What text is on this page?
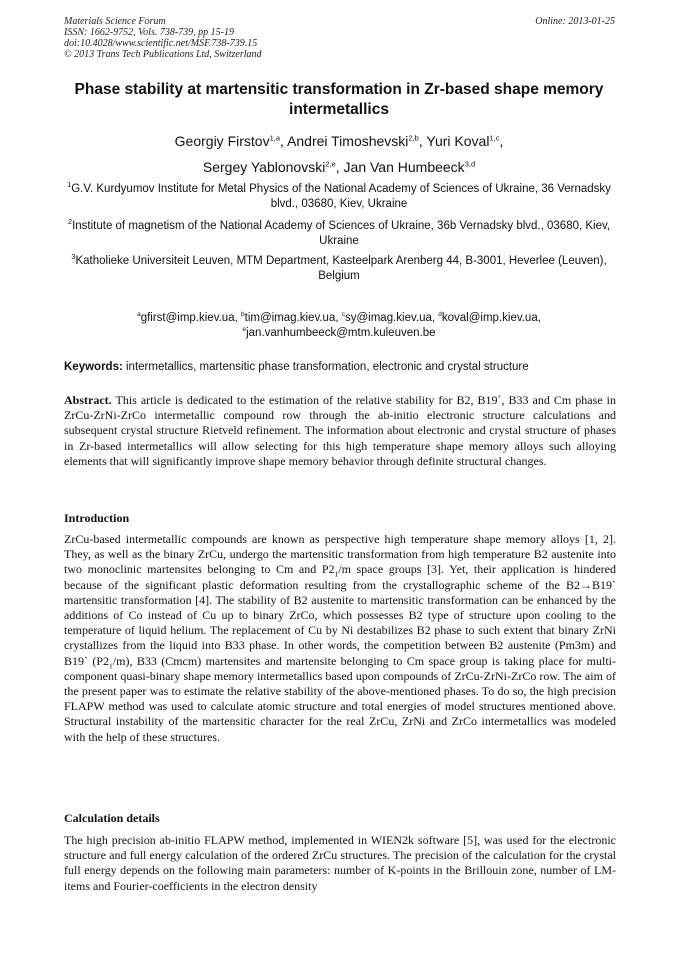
Materials Science Forum
ISSN: 1662-9752, Vols. 738-739, pp 15-19
doi:10.4028/www.scientific.net/MSF.738-739.15
© 2013 Trans Tech Publications Ltd, Switzerland
Online: 2013-01-25
Phase stability at martensitic transformation in Zr-based shape memory intermetallics
Georgiy Firstov$^{1,a}$, Andrei Timoshevski$^{2,b}$, Yuri Koval$^{1,c}$,
Sergey Yablonovski$^{2,e}$, Jan Van Humbeeck$^{3,d}$
$^1$G.V. Kurdyumov Institute for Metal Physics of the National Academy of Sciences of Ukraine, 36 Vernadsky blvd., 03680, Kiev, Ukraine
$^2$Institute of magnetism of the National Academy of Sciences of Ukraine, 36b Vernadsky blvd., 03680, Kiev, Ukraine
$^3$Katholieke Universiteit Leuven, MTM Department, Kasteelpark Arenberg 44, B-3001, Heverlee (Leuven), Belgium
$^a$gfirst@imp.kiev.ua, $^b$tim@imag.kiev.ua, $^c$sy@imag.kiev.ua, $^d$koval@imp.kiev.ua,
$^e$jan.vanhumbeeck@mtm.kuleuven.be
Keywords: intermetallics, martensitic phase transformation, electronic and crystal structure
Abstract. This article is dedicated to the estimation of the relative stability for B2, B19`, B33 and Cm phase in ZrCu-ZrNi-ZrCo intermetallic compound row through the ab-initio electronic structure calculations and subsequent crystal structure Rietveld refinement. The information about electronic and crystal structure of phases in Zr-based intermetallics will allow selecting for this high temperature shape memory alloys such alloying elements that will significantly improve shape memory behavior through definite structural changes.
Introduction
ZrCu-based intermetallic compounds are known as perspective high temperature shape memory alloys [1, 2]. They, as well as the binary ZrCu, undergo the martensitic transformation from high temperature B2 austenite into two monoclinic martensites belonging to Cm and $P2_1/m$ space groups [3]. Yet, their application is hindered because of the significant plastic deformation resulting from the crystallographic scheme of the B2→B19` martensitic transformation [4]. The stability of B2 austenite to martensitic transformation can be enhanced by the additions of Co instead of Cu up to binary ZrCo, which possesses B2 type of structure upon cooling to the temperature of liquid helium. The replacement of Cu by Ni destabilizes B2 phase to such extent that binary ZrNi crystallizes from the liquid into B33 phase. In other words, the competition between B2 austenite (Pm3m) and B19` $(P2_1/m)$, B33 (Cmcm) martensites and martensite belonging to Cm space group is taking place for multi-component quasi-binary shape memory intermetallics based upon compounds of ZrCu-ZrNi-ZrCo row. The aim of the present paper was to estimate the relative stability of the above-mentioned phases. To do so, the high precision FLAPW method was used to calculate atomic structure and total energies of model structures mentioned above. Structural instability of the martensitic character for the real ZrCu, ZrNi and ZrCo intermetallics was modeled with the help of these structures.
Calculation details
The high precision ab-initio FLAPW method, implemented in WIEN2k software [5], was used for the electronic structure and full energy calculation of the ordered ZrCu structures. The precision of the calculation for the crystal full energy depends on the following main parameters: number of K-points in the Brillouin zone, number of LM-items and Fourier-coefficients in the electron density
